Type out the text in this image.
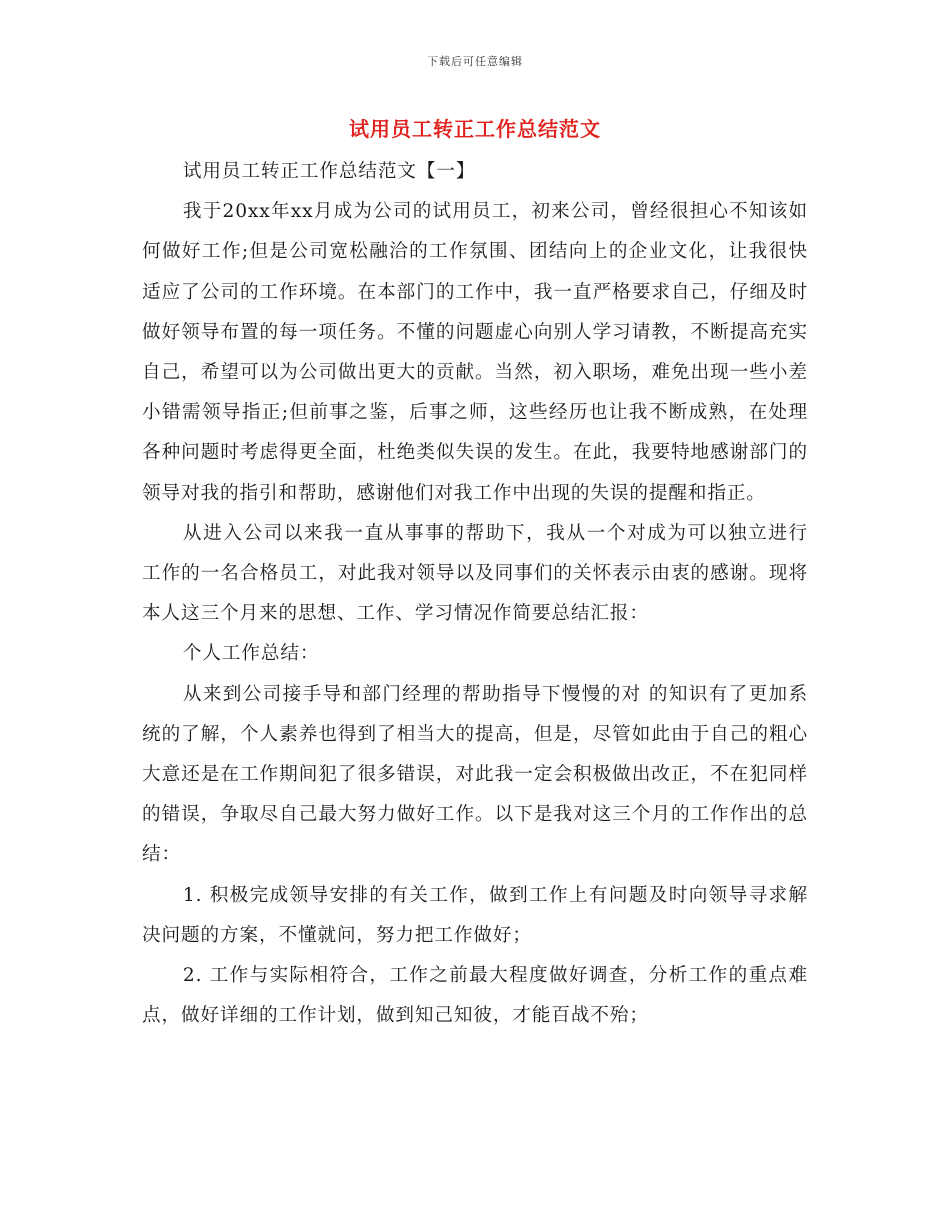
下载后可任意编辑
试用员工转正工作总结范文

试用员工转正工作总结范文【一】

我于20xx年xx月成为公司的试用员工，初来公司，曾经很担心不知该如何做好工作;但是公司宽松融洽的工作氛围、团结向上的企业文化，让我很快适应了公司的工作环境。在本部门的工作中，我一直严格要求自己，仔细及时做好领导布置的每一项任务。不懂的问题虚心向别人学习请教，不断提高充实自己，希望可以为公司做出更大的贡献。当然，初入职场，难免出现一些小差小错需领导指正;但前事之鉴，后事之师，这些经历也让我不断成熟，在处理各种问题时考虑得更全面，杜绝类似失误的发生。在此，我要特地感谢部门的领导对我的指引和帮助，感谢他们对我工作中出现的失误的提醒和指正。

从进入公司以来我一直从事事的帮助下，我从一个对成为可以独立进行 工作的一名合格员工，对此我对领导以及同事们的关怀表示由衷的感谢。现将本人这三个月来的思想、工作、学习情况作简要总结汇报：

个人工作总结：

从来到公司接手导和部门经理的帮助指导下慢慢的对 的知识有了更加系统的了解，个人素养也得到了相当大的提高，但是，尽管如此由于自己的粗心大意还是在工作期间犯了很多错误，对此我一定会积极做出改正，不在犯同样的错误，争取尽自己最大努力做好工作。以下是我对这三个月的工作作出的总结：

1. 积极完成领导安排的有关工作，做到工作上有问题及时向领导寻求解决问题的方案，不懂就问，努力把工作做好；

2. 工作与实际相符合，工作之前最大程度做好调查，分析工作的重点难点，做好详细的工作计划，做到知己知彼，才能百战不殆；
